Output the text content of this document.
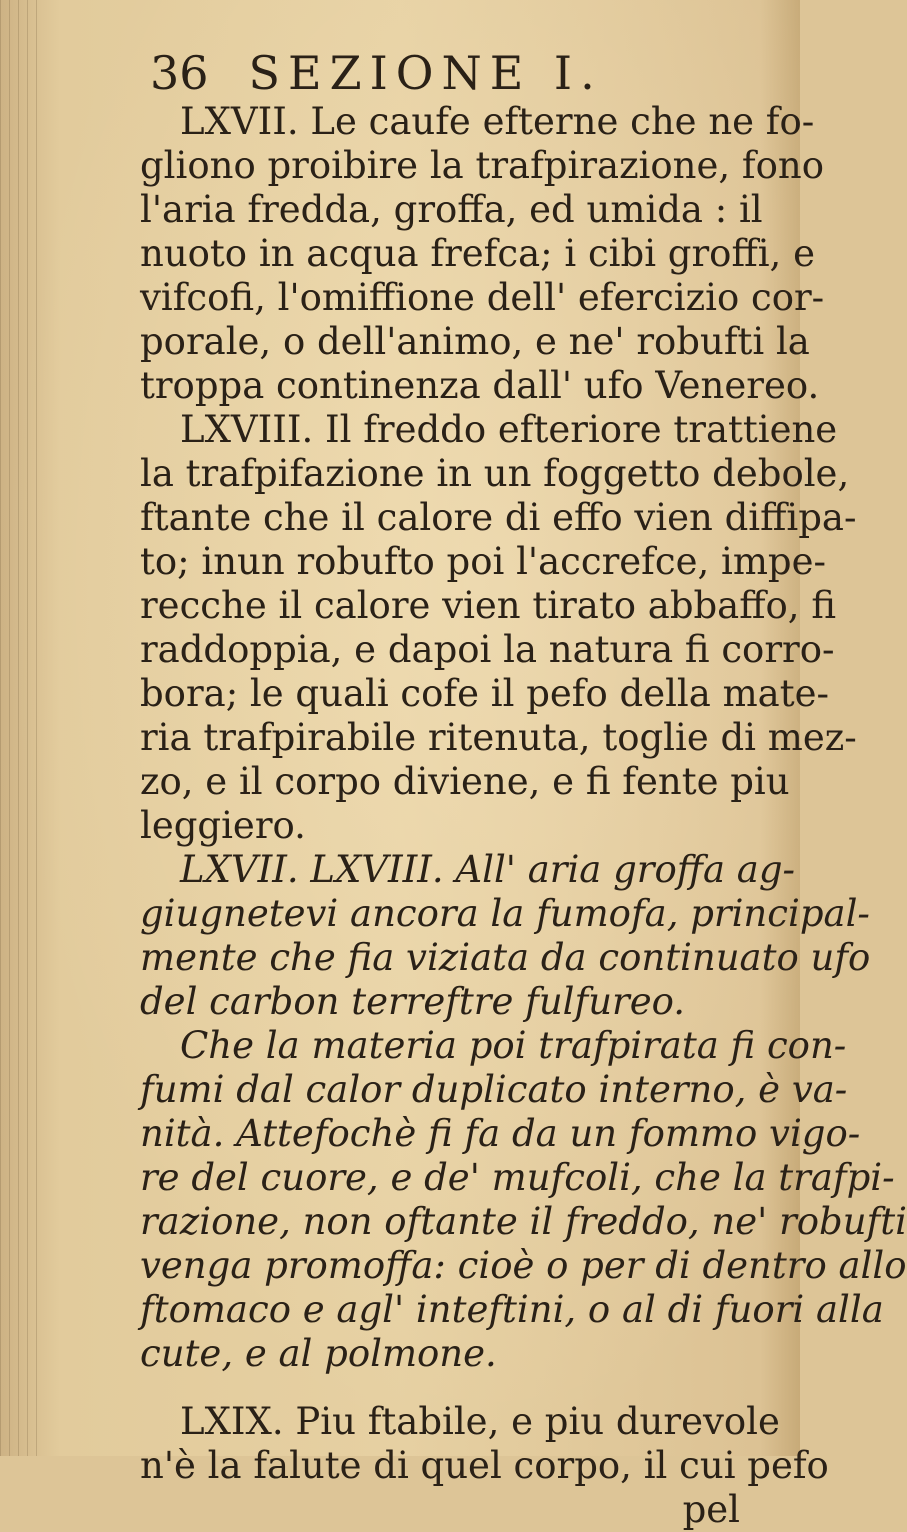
36 SEZIONE I.
LXVII. Le caufe efterne che ne fo-
gliono proibire la trafpirazione, fono
l'aria fredda, groffa, ed umida : il
nuoto in acqua frefca; i cibi groffi, e
vifcofi, l'omiffione dell' efercizio cor-
porale, o dell'animo, e ne' robufti la
troppa continenza dall' ufo Venereo.
LXVIII. Il freddo efteriore trattiene
la trafpifazione in un foggetto debole,
ftante che il calore di effo vien diffipa-
to; inun robufto poi l'accrefce, impe-
recche il calore vien tirato abbaffo, fi
raddoppia, e dapoi la natura fi corro-
bora; le quali cofe il pefo della mate-
ria trafpirabile ritenuta, toglie di mez-
zo, e il corpo diviene, e fi fente piu
leggiero.
LXVII. LXVIII. All' aria groffa ag-
giugnetevi ancora la fumofa, principal-
mente che fia viziata da continuato ufo
del carbon terreftre fulfureo.
Che la materia poi trafpirata fi con-
fumi dal calor duplicato interno, è va-
nità. Attefochè fi fa da un fommo vigo-
re del cuore, e de' mufcoli, che la trafpi-
razione, non oftante il freddo, ne' robufti
venga promoffa: cioè o per di dentro allo
ftomaco e agl' inteftini, o al di fuori alla
cute, e al polmone.
LXIX. Piu ftabile, e piu durevole
n'è la falute di quel corpo, il cui pefo
pel
